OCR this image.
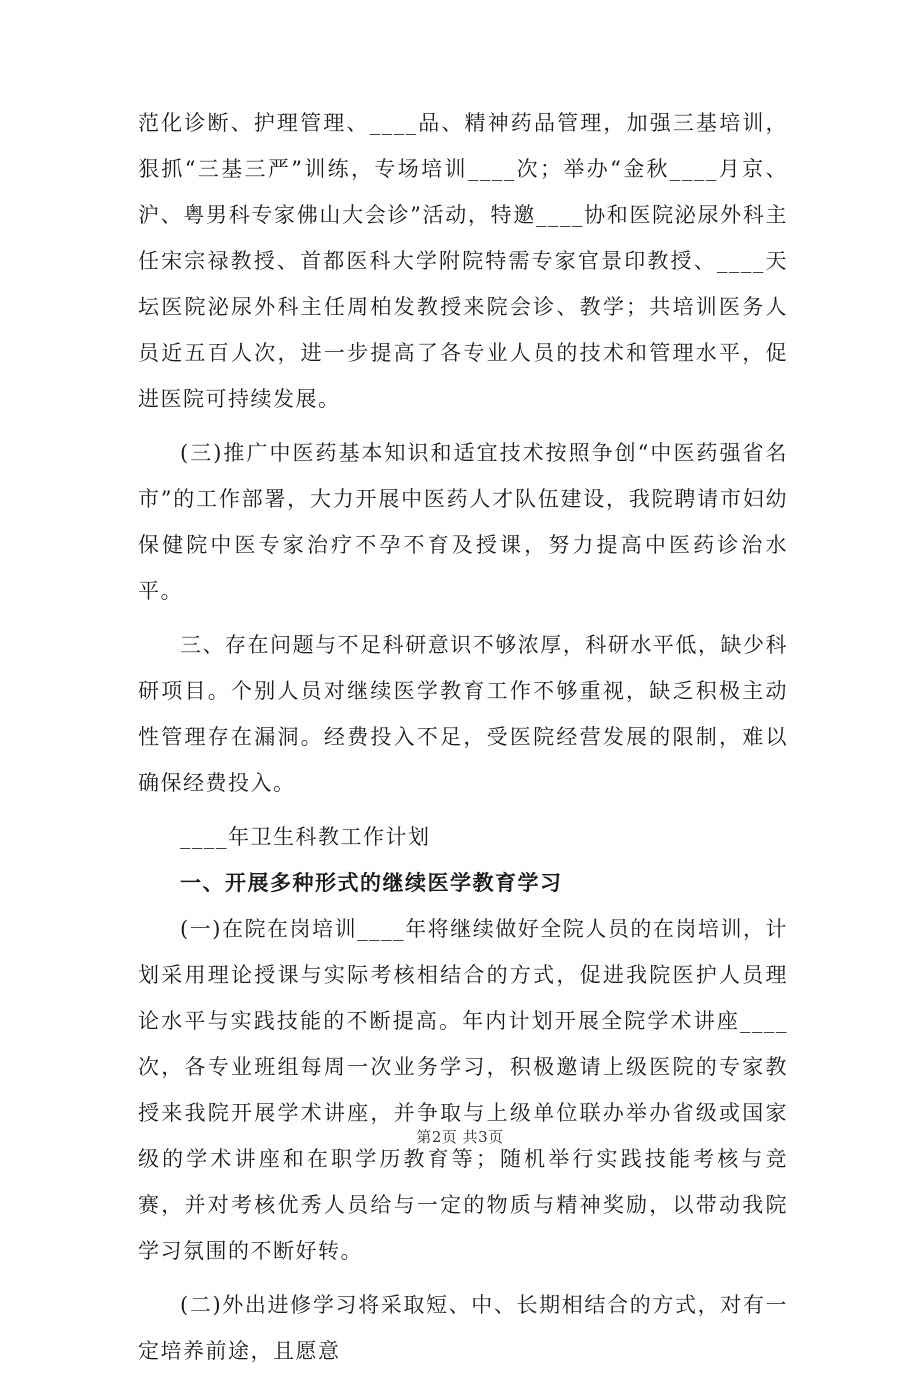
范化诊断、护理管理、____品、精神药品管理，加强三基培训，狠抓“三基三严”训练，专场培训____次；举办“金秋____月京、沪、粤男科专家佛山大会诊”活动，特邀____协和医院泌尿外科主任宋宗禄教授、首都医科大学附院特需专家官景印教授、____天坛医院泌尿外科主任周柏发教授来院会诊、教学；共培训医务人员近五百人次，进一步提高了各专业人员的技术和管理水平，促进医院可持续发展。

(三)推广中医药基本知识和适宜技术按照争创“中医药强省名市”的工作部署，大力开展中医药人才队伍建设，我院聘请市妇幼保健院中医专家治疗不孕不育及授课，努力提高中医药诊治水平。

三、存在问题与不足科研意识不够浓厚，科研水平低，缺少科研项目。个别人员对继续医学教育工作不够重视，缺乏积极主动性管理存在漏洞。经费投入不足，受医院经营发展的限制，难以确保经费投入。

____年卫生科教工作计划

一、开展多种形式的继续医学教育学习

(一)在院在岗培训____年将继续做好全院人员的在岗培训，计划采用理论授课与实际考核相结合的方式，促进我院医护人员理论水平与实践技能的不断提高。年内计划开展全院学术讲座____次，各专业班组每周一次业务学习，积极邀请上级医院的专家教授来我院开展学术讲座，并争取与上级单位联办举办省级或国家级的学术讲座和在职学历教育等；随机举行实践技能考核与竞赛，并对考核优秀人员给与一定的物质与精神奖励，以带动我院学习氛围的不断好转。

(二)外出进修学习将采取短、中、长期相结合的方式，对有一定培养前途，且愿意

第2页 共3页
